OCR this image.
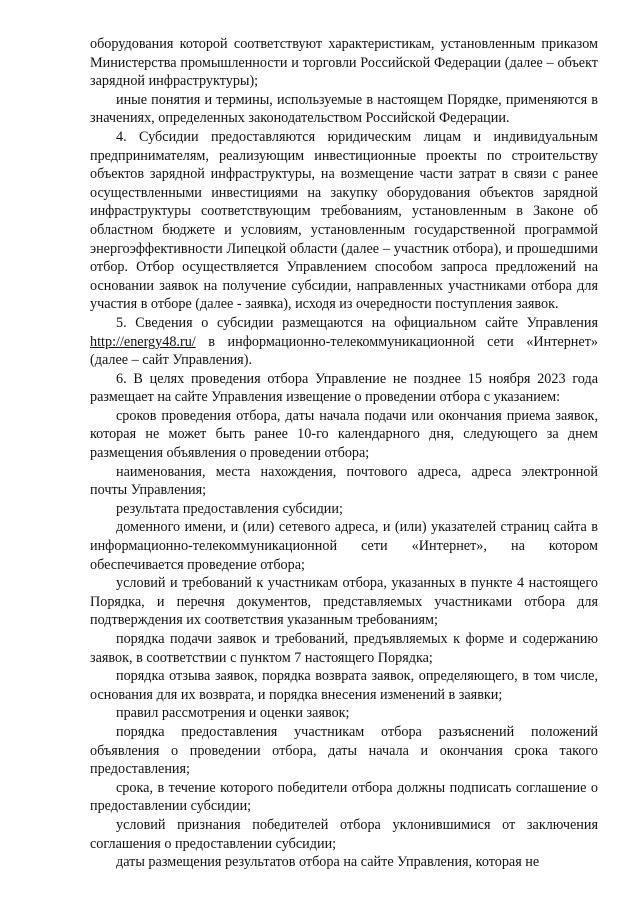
оборудования которой соответствуют характеристикам, установленным приказом Министерства промышленности и торговли Российской Федерации (далее – объект зарядной инфраструктуры);

иные понятия и термины, используемые в настоящем Порядке, применяются в значениях, определенных законодательством Российской Федерации.

4. Субсидии предоставляются юридическим лицам и индивидуальным предпринимателям, реализующим инвестиционные проекты по строительству объектов зарядной инфраструктуры, на возмещение части затрат в связи с ранее осуществленными инвестициями на закупку оборудования объектов зарядной инфраструктуры соответствующим требованиям, установленным в Законе об областном бюджете и условиям, установленным государственной программой энергоэффективности Липецкой области (далее – участник отбора), и прошедшими отбор. Отбор осуществляется Управлением способом запроса предложений на основании заявок на получение субсидии, направленных участниками отбора для участия в отборе (далее - заявка), исходя из очередности поступления заявок.

5. Сведения о субсидии размещаются на официальном сайте Управления http://energy48.ru/ в информационно-телекоммуникационной сети «Интернет» (далее – сайт Управления).

6. В целях проведения отбора Управление не позднее 15 ноября 2023 года размещает на сайте Управления извещение о проведении отбора с указанием:

сроков проведения отбора, даты начала подачи или окончания приема заявок, которая не может быть ранее 10-го календарного дня, следующего за днем размещения объявления о проведении отбора;

наименования, места нахождения, почтового адреса, адреса электронной почты Управления;

результата предоставления субсидии;

доменного имени, и (или) сетевого адреса, и (или) указателей страниц сайта в информационно-телекоммуникационной сети «Интернет», на котором обеспечивается проведение отбора;

условий и требований к участникам отбора, указанных в пункте 4 настоящего Порядка, и перечня документов, представляемых участниками отбора для подтверждения их соответствия указанным требованиям;

порядка подачи заявок и требований, предъявляемых к форме и содержанию заявок, в соответствии с пунктом 7 настоящего Порядка;

порядка отзыва заявок, порядка возврата заявок, определяющего, в том числе, основания для их возврата, и порядка внесения изменений в заявки;

правил рассмотрения и оценки заявок;

порядка предоставления участникам отбора разъяснений положений объявления о проведении отбора, даты начала и окончания срока такого предоставления;

срока, в течение которого победители отбора должны подписать соглашение о предоставлении субсидии;

условий признания победителей отбора уклонившимися от заключения соглашения о предоставлении субсидии;

даты размещения результатов отбора на сайте Управления, которая не
